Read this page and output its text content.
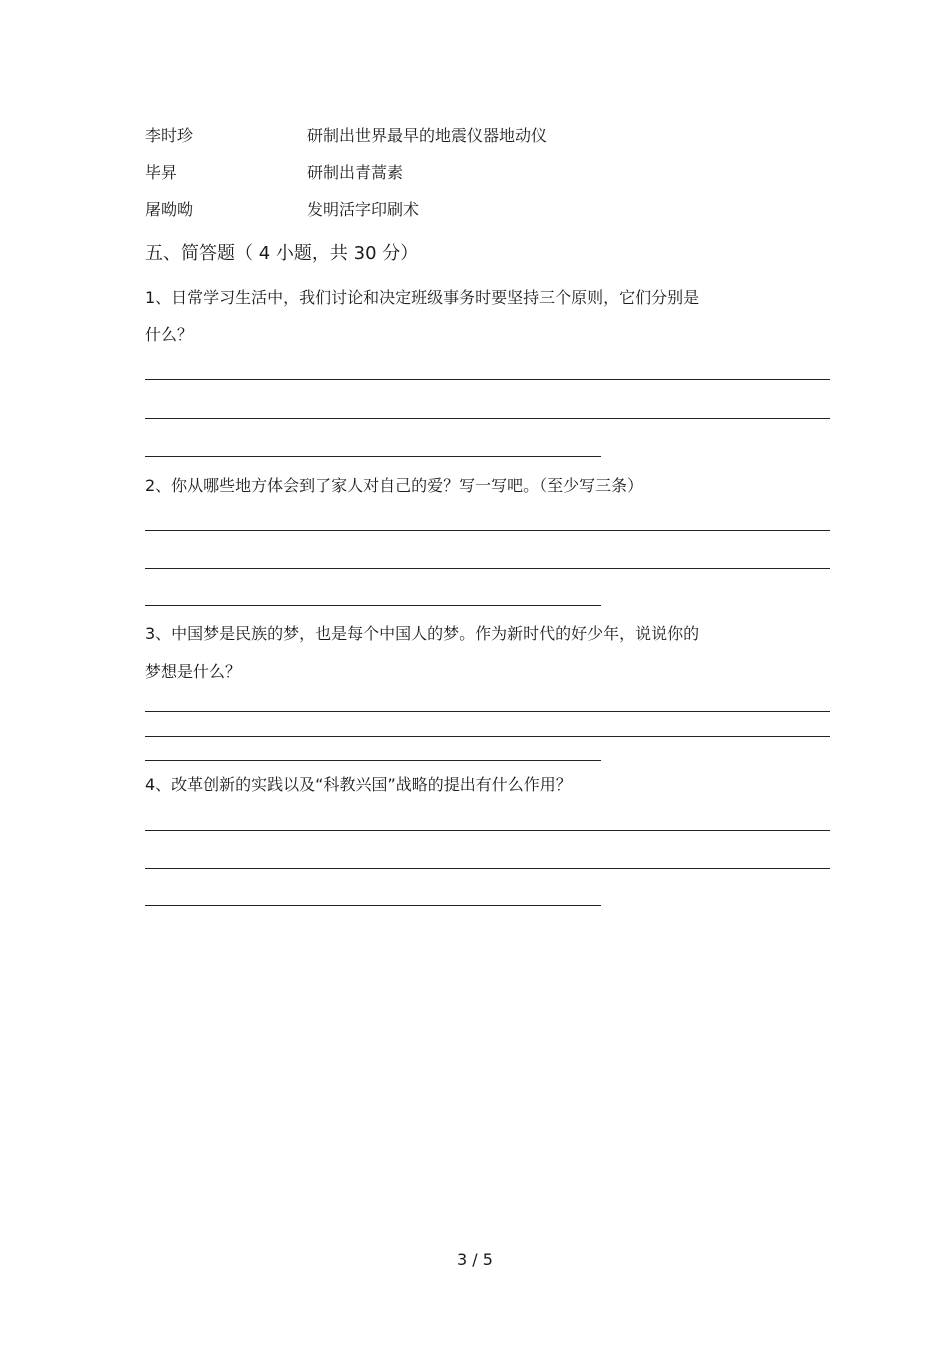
李时珍	研制出世界最早的地震仪器地动仪
毕昇	研制出青蒿素
屠呦呦	发明活字印刷术
五、简答题（ 4 小题，共 30 分）
1、日常学习生活中，我们讨论和决定班级事务时要坚持三个原则，它们分别是
什么？
2、你从哪些地方体会到了家人对自己的爱？写一写吧。（至少写三条）
3、中国梦是民族的梦，也是每个中国人的梦。作为新时代的好少年，说说你的
梦想是什么？
4、改革创新的实践以及“科教兴国”战略的提出有什么作用？
3 / 5
